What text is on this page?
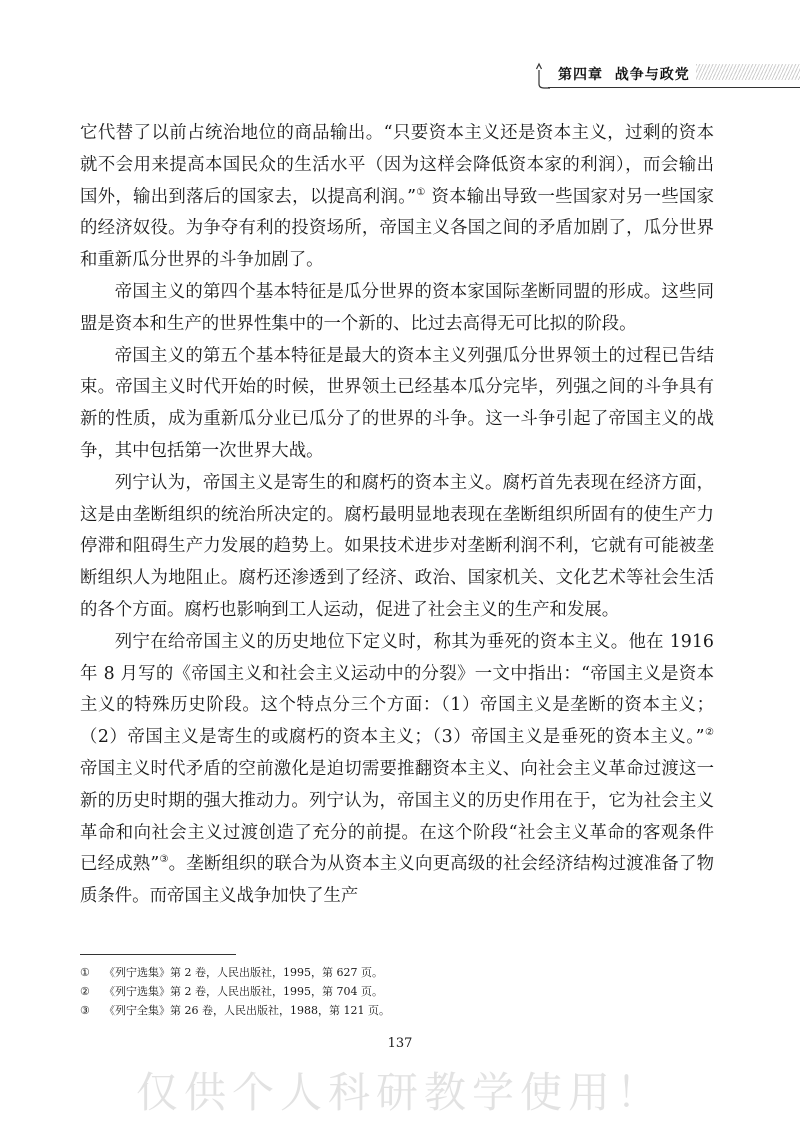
第四章 战争与政党

它代替了以前占统治地位的商品输出。“只要资本主义还是资本主义，过剩的资本就不会用来提高本国民众的生活水平（因为这样会降低资本家的利润），而会输出国外，输出到落后的国家去，以提高利润。”① 资本输出导致一些国家对另一些国家的经济奴役。为争夺有利的投资场所，帝国主义各国之间的矛盾加剧了，瓜分世界和重新瓜分世界的斗争加剧了。

帝国主义的第四个基本特征是瓜分世界的资本家国际垄断同盟的形成。这些同盟是资本和生产的世界性集中的一个新的、比过去高得无可比拟的阶段。

帝国主义的第五个基本特征是最大的资本主义列强瓜分世界领土的过程已告结束。帝国主义时代开始的时候，世界领土已经基本瓜分完毕，列强之间的斗争具有新的性质，成为重新瓜分业已瓜分了的世界的斗争。这一斗争引起了帝国主义的战争，其中包括第一次世界大战。

列宁认为，帝国主义是寄生的和腐朽的资本主义。腐朽首先表现在经济方面，这是由垄断组织的统治所决定的。腐朽最明显地表现在垄断组织所固有的使生产力停滞和阻碍生产力发展的趋势上。如果技术进步对垄断利润不利，它就有可能被垄断组织人为地阻止。腐朽还渗透到了经济、政治、国家机关、文化艺术等社会生活的各个方面。腐朽也影响到工人运动，促进了社会主义的生产和发展。

列宁在给帝国主义的历史地位下定义时，称其为垂死的资本主义。他在 1916 年 8 月写的《帝国主义和社会主义运动中的分裂》一文中指出：“帝国主义是资本主义的特殊历史阶段。这个特点分三个方面：（1）帝国主义是垄断的资本主义；（2）帝国主义是寄生的或腐朽的资本主义；（3）帝国主义是垂死的资本主义。”② 帝国主义时代矛盾的空前激化是迫切需要推翻资本主义、向社会主义革命过渡这一新的历史时期的强大推动力。列宁认为，帝国主义的历史作用在于，它为社会主义革命和向社会主义过渡创造了充分的前提。在这个阶段“社会主义革命的客观条件已经成熟”③。垄断组织的联合为从资本主义向更高级的社会经济结构过渡准备了物质条件。而帝国主义战争加快了生产

① 《列宁选集》第 2 卷，人民出版社，1995，第 627 页。
② 《列宁选集》第 2 卷，人民出版社，1995，第 704 页。
③ 《列宁全集》第 26 卷，人民出版社，1988，第 121 页。
137
仅供个人科研教学使用！
